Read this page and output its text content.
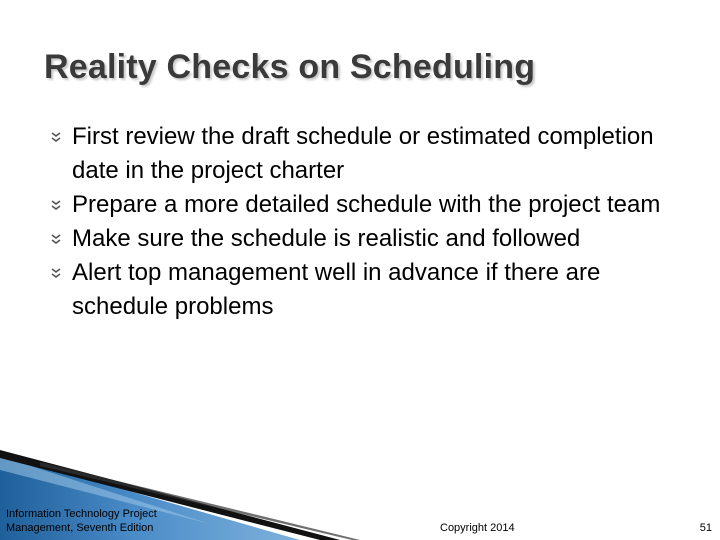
Reality Checks on Scheduling
First review the draft schedule or estimated completion date in the project charter
Prepare a more detailed schedule with the project team
Make sure the schedule is realistic and followed
Alert top management well in advance if there are schedule problems
Information Technology Project Management, Seventh Edition	Copyright 2014	51
